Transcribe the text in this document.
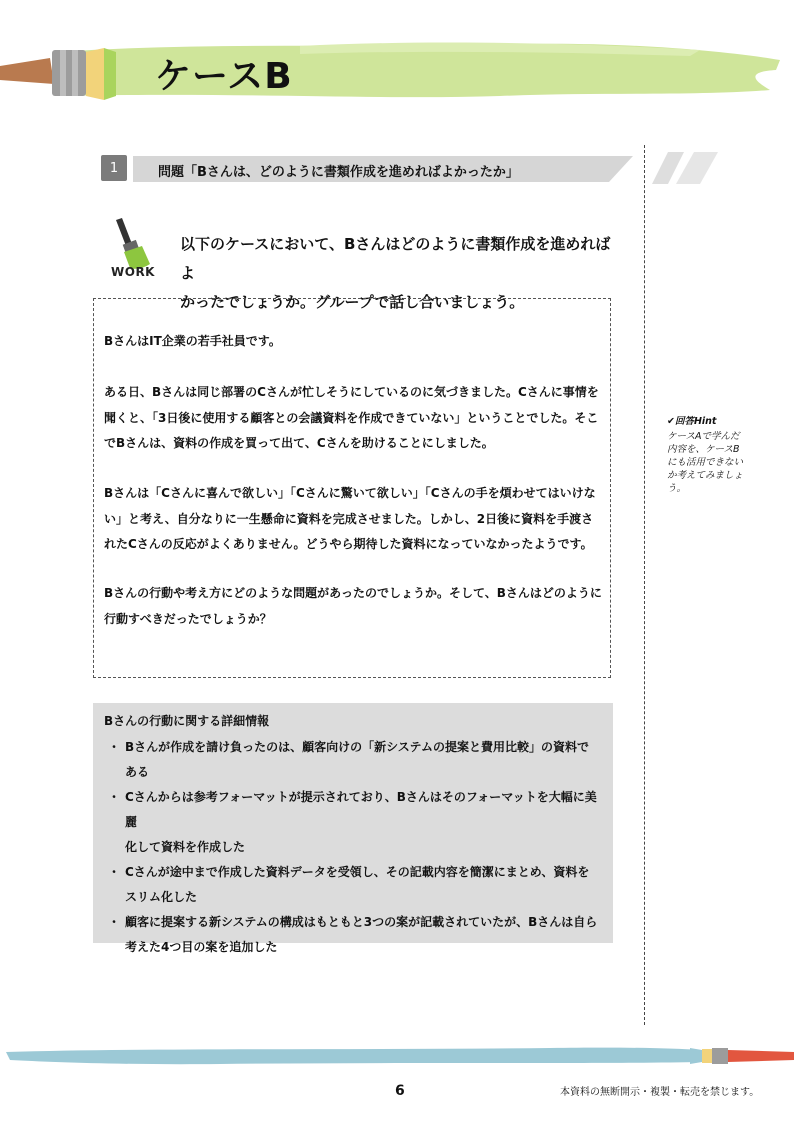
ケースB
1	問題「Bさんは、どのように書類作成を進めればよかったか」
WORK
以下のケースにおいて、Bさんはどのように書類作成を進めればよ
かったでしょうか。グループで話し合いましょう。

BさんはIT企業の若手社員です。

ある日、Bさんは同じ部署のCさんが忙しそうにしているのに気づきました。Cさんに事情を
聞くと、「3日後に使用する顧客との会議資料を作成できていない」ということでした。そこ
でBさんは、資料の作成を買って出て、Cさんを助けることにしました。

Bさんは「Cさんに喜んで欲しい」「Cさんに驚いて欲しい」「Cさんの手を煩わせてはいけな
い」と考え、自分なりに一生懸命に資料を完成させました。しかし、2日後に資料を手渡さ
れたCさんの反応がよくありません。どうやら期待した資料になっていなかったようです。

Bさんの行動や考え方にどのような問題があったのでしょうか。そして、Bさんはどのように
行動すべきだったでしょうか？

Bさんの行動に関する詳細情報
・ Bさんが作成を請け負ったのは、顧客向けの「新システムの提案と費用比較」の資料で
ある
・ Cさんからは参考フォーマットが提示されており、Bさんはそのフォーマットを大幅に美麗
化して資料を作成した
・ Cさんが途中まで作成した資料データを受領し、その記載内容を簡潔にまとめ、資料を
スリム化した
・ 顧客に提案する新システムの構成はもともと3つの案が記載されていたが、Bさんは自ら
考えた4つ目の案を追加した
✔回答Hint
ケースAで学んだ
内容を、ケースB
にも活用できない
か考えてみましょ
う。
6	本資料の無断開示・複製・転売を禁じます。
